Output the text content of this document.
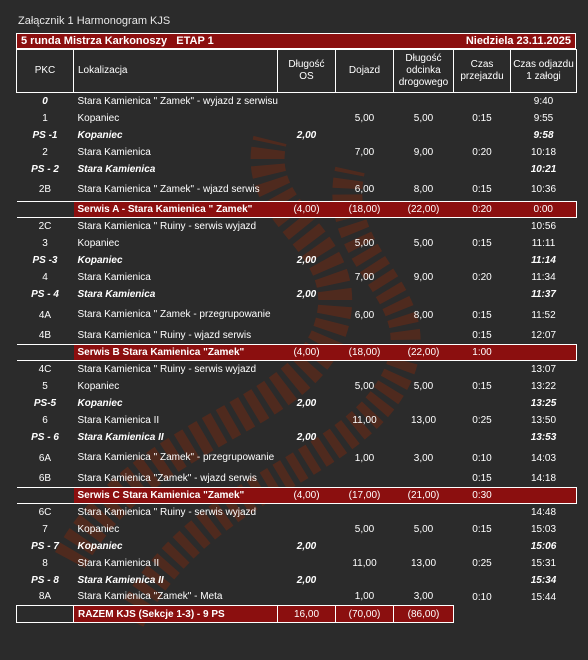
Załącznik 1 Harmonogram KJS
5 runda Mistrza Karkonoszy   ETAP 1	Niedziela 23.11.2025
PKC	Lokalizacja	Długość OS	Dojazd	Długość odcinka drogowego	Czas przejazdu	Czas odjazdu 1 załogi
0	Stara Kamienica " Zamek" - wyjazd z serwisu					9:40
1	Kopaniec		5,00	5,00	0:15	9:55
PS -1	Kopaniec	2,00				9:58
2	Stara Kamienica		7,00	9,00	0:20	10:18
PS - 2	Stara Kamienica					10:21
2B	Stara Kamienica " Zamek" - wjazd serwis		6,00	8,00	0:15	10:36
	Serwis A - Stara Kamienica " Zamek"	(4,00)	(18,00)	(22,00)	0:20	0:00
2C	Stara Kamienica " Ruiny - serwis wyjazd					10:56
3	Kopaniec		5,00	5,00	0:15	11:11
PS -3	Kopaniec	2,00				11:14
4	Stara Kamienica		7,00	9,00	0:20	11:34
PS - 4	Stara Kamienica	2,00				11:37
4A	Stara Kamienica " Zamek - przegrupowanie		6,00	8,00	0:15	11:52
4B	Stara Kamienica " Ruiny - wjazd serwis				0:15	12:07
	Serwis B Stara Kamienica "Zamek"	(4,00)	(18,00)	(22,00)	1:00	
4C	Stara Kamienica " Ruiny - serwis wyjazd					13:07
5	Kopaniec		5,00	5,00	0:15	13:22
PS-5	Kopaniec	2,00				13:25
6	Stara Kamienica II		11,00	13,00	0:25	13:50
PS - 6	Stara Kamienica II	2,00				13:53
6A	Stara Kamienica " Zamek" - przegrupowanie		1,00	3,00	0:10	14:03
6B	Stara Kamienica "Zamek" - wjazd serwis				0:15	14:18
	Serwis C Stara Kamienica "Zamek"	(4,00)	(17,00)	(21,00)	0:30	
6C	Stara Kamienica " Ruiny - serwis wyjazd					14:48
7	Kopaniec		5,00	5,00	0:15	15:03
PS - 7	Kopaniec	2,00				15:06
8	Stara Kamienica II		11,00	13,00	0:25	15:31
PS - 8	Stara Kamienica II	2,00				15:34
8A	Stara Kamienica "Zamek" - Meta		1,00	3,00	0:10	15:44
	RAZEM KJS (Sekcje 1-3) - 9 PS	16,00	(70,00)	(86,00)		
